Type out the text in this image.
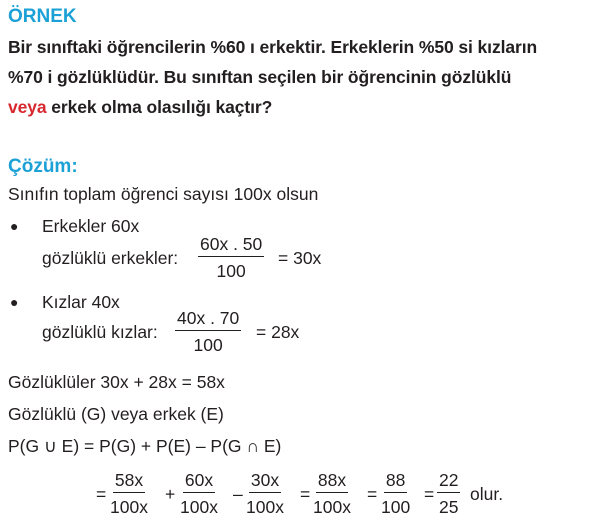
ÖRNEK
Bir sınıftaki öğrencilerin %60 ı erkektir. Erkeklerin %50 si kızların
%70 i gözlüklüdür. Bu sınıftan seçilen bir öğrencinin gözlüklü
veya erkek olma olasılığı kaçtır?
Çözüm:
Sınıfın toplam öğrenci sayısı 100x olsun
● Erkekler 60x
gözlüklü erkekler: $\frac{60x . 50}{100} = 30x$
● Kızlar 40x
gözlüklü kızlar: $\frac{40x . 70}{100} = 28x$
Gözlüklüler 30x + 28x = 58x
Gözlüklü (G) veya erkek (E)
P(G ∪ E) = P(G) + P(E) – P(G ∩ E)
= $\frac{58x}{100x} + \frac{60x}{100x} - \frac{30x}{100x} = \frac{88x}{100x} = \frac{88}{100} = \frac{22}{25}$ olur.
